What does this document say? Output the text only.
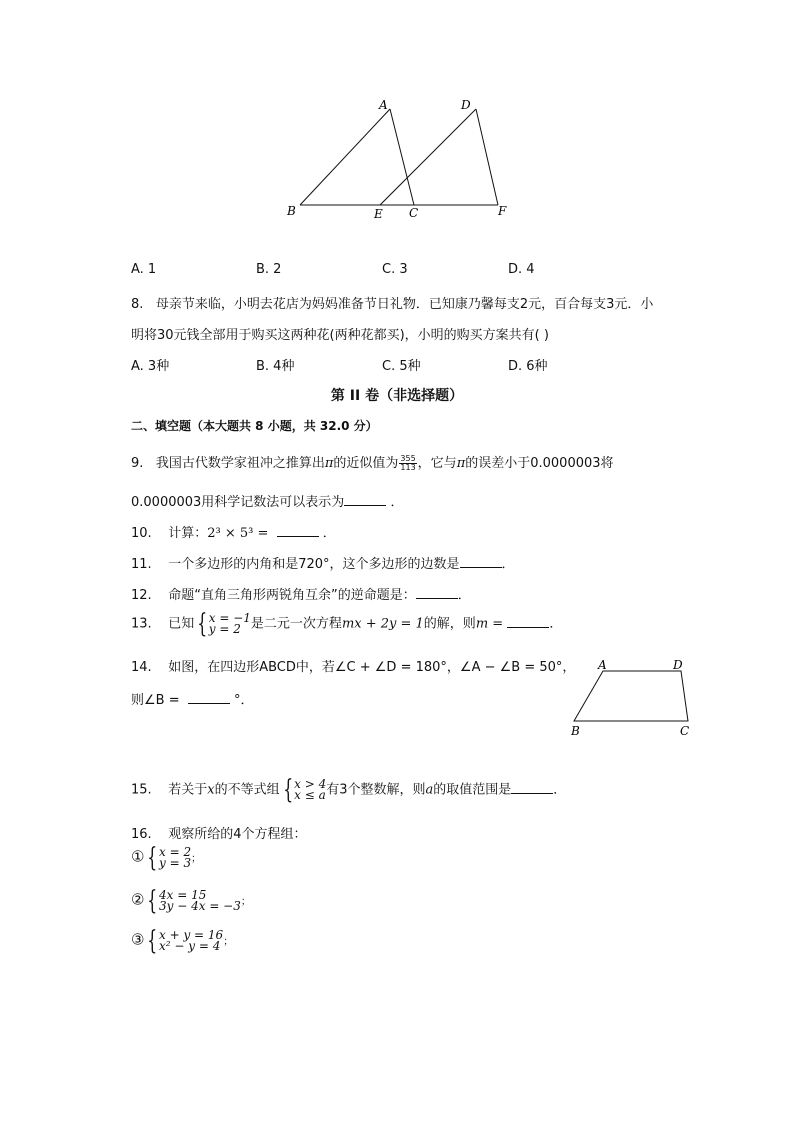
A	D
B	E C	F
A. 1	B. 2	C. 3	D. 4
8. 母亲节来临，小明去花店为妈妈准备节日礼物．已知康乃馨每支2元，百合每支3元．小
明将30元钱全部用于购买这两种花(两种花都买)，小明的购买方案共有( )
A. 3种	B. 4种	C. 5种	D. 6种
第 II 卷（非选择题）
二、填空题（本大题共 8 小题，共 32.0 分）
9. 我国古代数学家祖冲之推算出π的近似值为 $\frac{355}{113}$ ，它与π的误差小于0.0000003将
0.0000003用科学记数法可以表示为	．
10. 计算：2³ × 5³ =	．
11. 一个多边形的内角和是720°，这个多边形的边数是	．
12. 命题“直角三角形两锐角互余”的逆命题是：	．
13. 已知 { x = −1
y = 2 是二元一次方程mx + 2y = 1的解，则m =	．
14. 如图，在四边形ABCD中，若∠C + ∠D = 180°，∠A − ∠B = 50°，
则∠B =	°．
A	D
B	C
15. 若关于x的不等式组 { x > 4
x ≤ a 有3个整数解，则a的取值范围是	．
16. 观察所给的4个方程组：
① { x = 2
y = 3 ；
② { 4x = 15
3y − 4x = −3 ；
③ { x + y = 16
x² − y = 4 ；
